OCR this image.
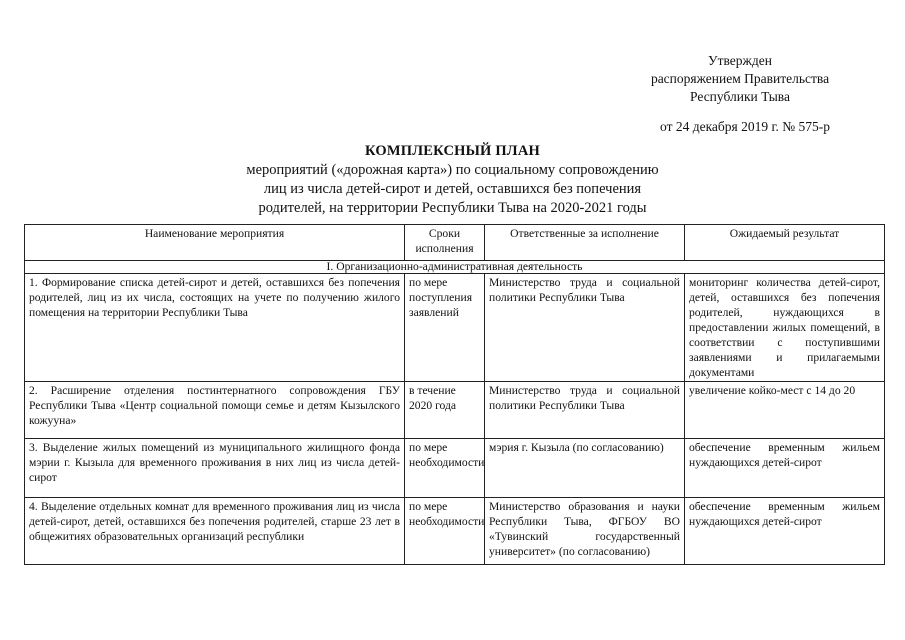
Утвержден
распоряжением Правительства
Республики Тыва
от 24 декабря 2019 г. № 575-р
КОМПЛЕКСНЫЙ ПЛАН
мероприятий («дорожная карта») по социальному сопровождению
лиц из числа детей-сирот и детей, оставшихся без попечения
родителей, на территории Республики Тыва на 2020-2021 годы
Наименование мероприятия	Сроки исполнения	Ответственные за исполнение	Ожидаемый результат
I. Организационно-административная деятельность			
1. Формирование списка детей-сирот и детей, оставшихся без попечения родителей, лиц из их числа, состоящих на учете по получению жилого помещения на территории Республики Тыва	по мере поступления заявлений	Министерство труда и социальной политики Республики Тыва	мониторинг количества детей-сирот, детей, оставшихся без попечения родителей, нуждающихся в предоставлении жилых помещений, в соответствии с поступившими заявлениями и прилагаемыми документами
2. Расширение отделения постинтернатного сопровождения ГБУ Республики Тыва «Центр социальной помощи семье и детям Кызылского кожууна»	в течение 2020 года	Министерство труда и социальной политики Республики Тыва	увеличение койко-мест с 14 до 20
3. Выделение жилых помещений из муниципального жилищного фонда мэрии г. Кызыла для временного проживания в них лиц из числа детей-сирот	по мере необходимости	мэрия г. Кызыла (по согласованию)	обеспечение временным жильем нуждающихся детей-сирот
4. Выделение отдельных комнат для временного проживания лиц из числа детей-сирот, детей, оставшихся без попечения родителей, старше 23 лет в общежитиях образовательных организаций республики	по мере необходимости	Министерство образования и науки Республики Тыва, ФГБОУ ВО «Тувинский государственный университет» (по согласованию)	обеспечение временным жильем нуждающихся детей-сирот
